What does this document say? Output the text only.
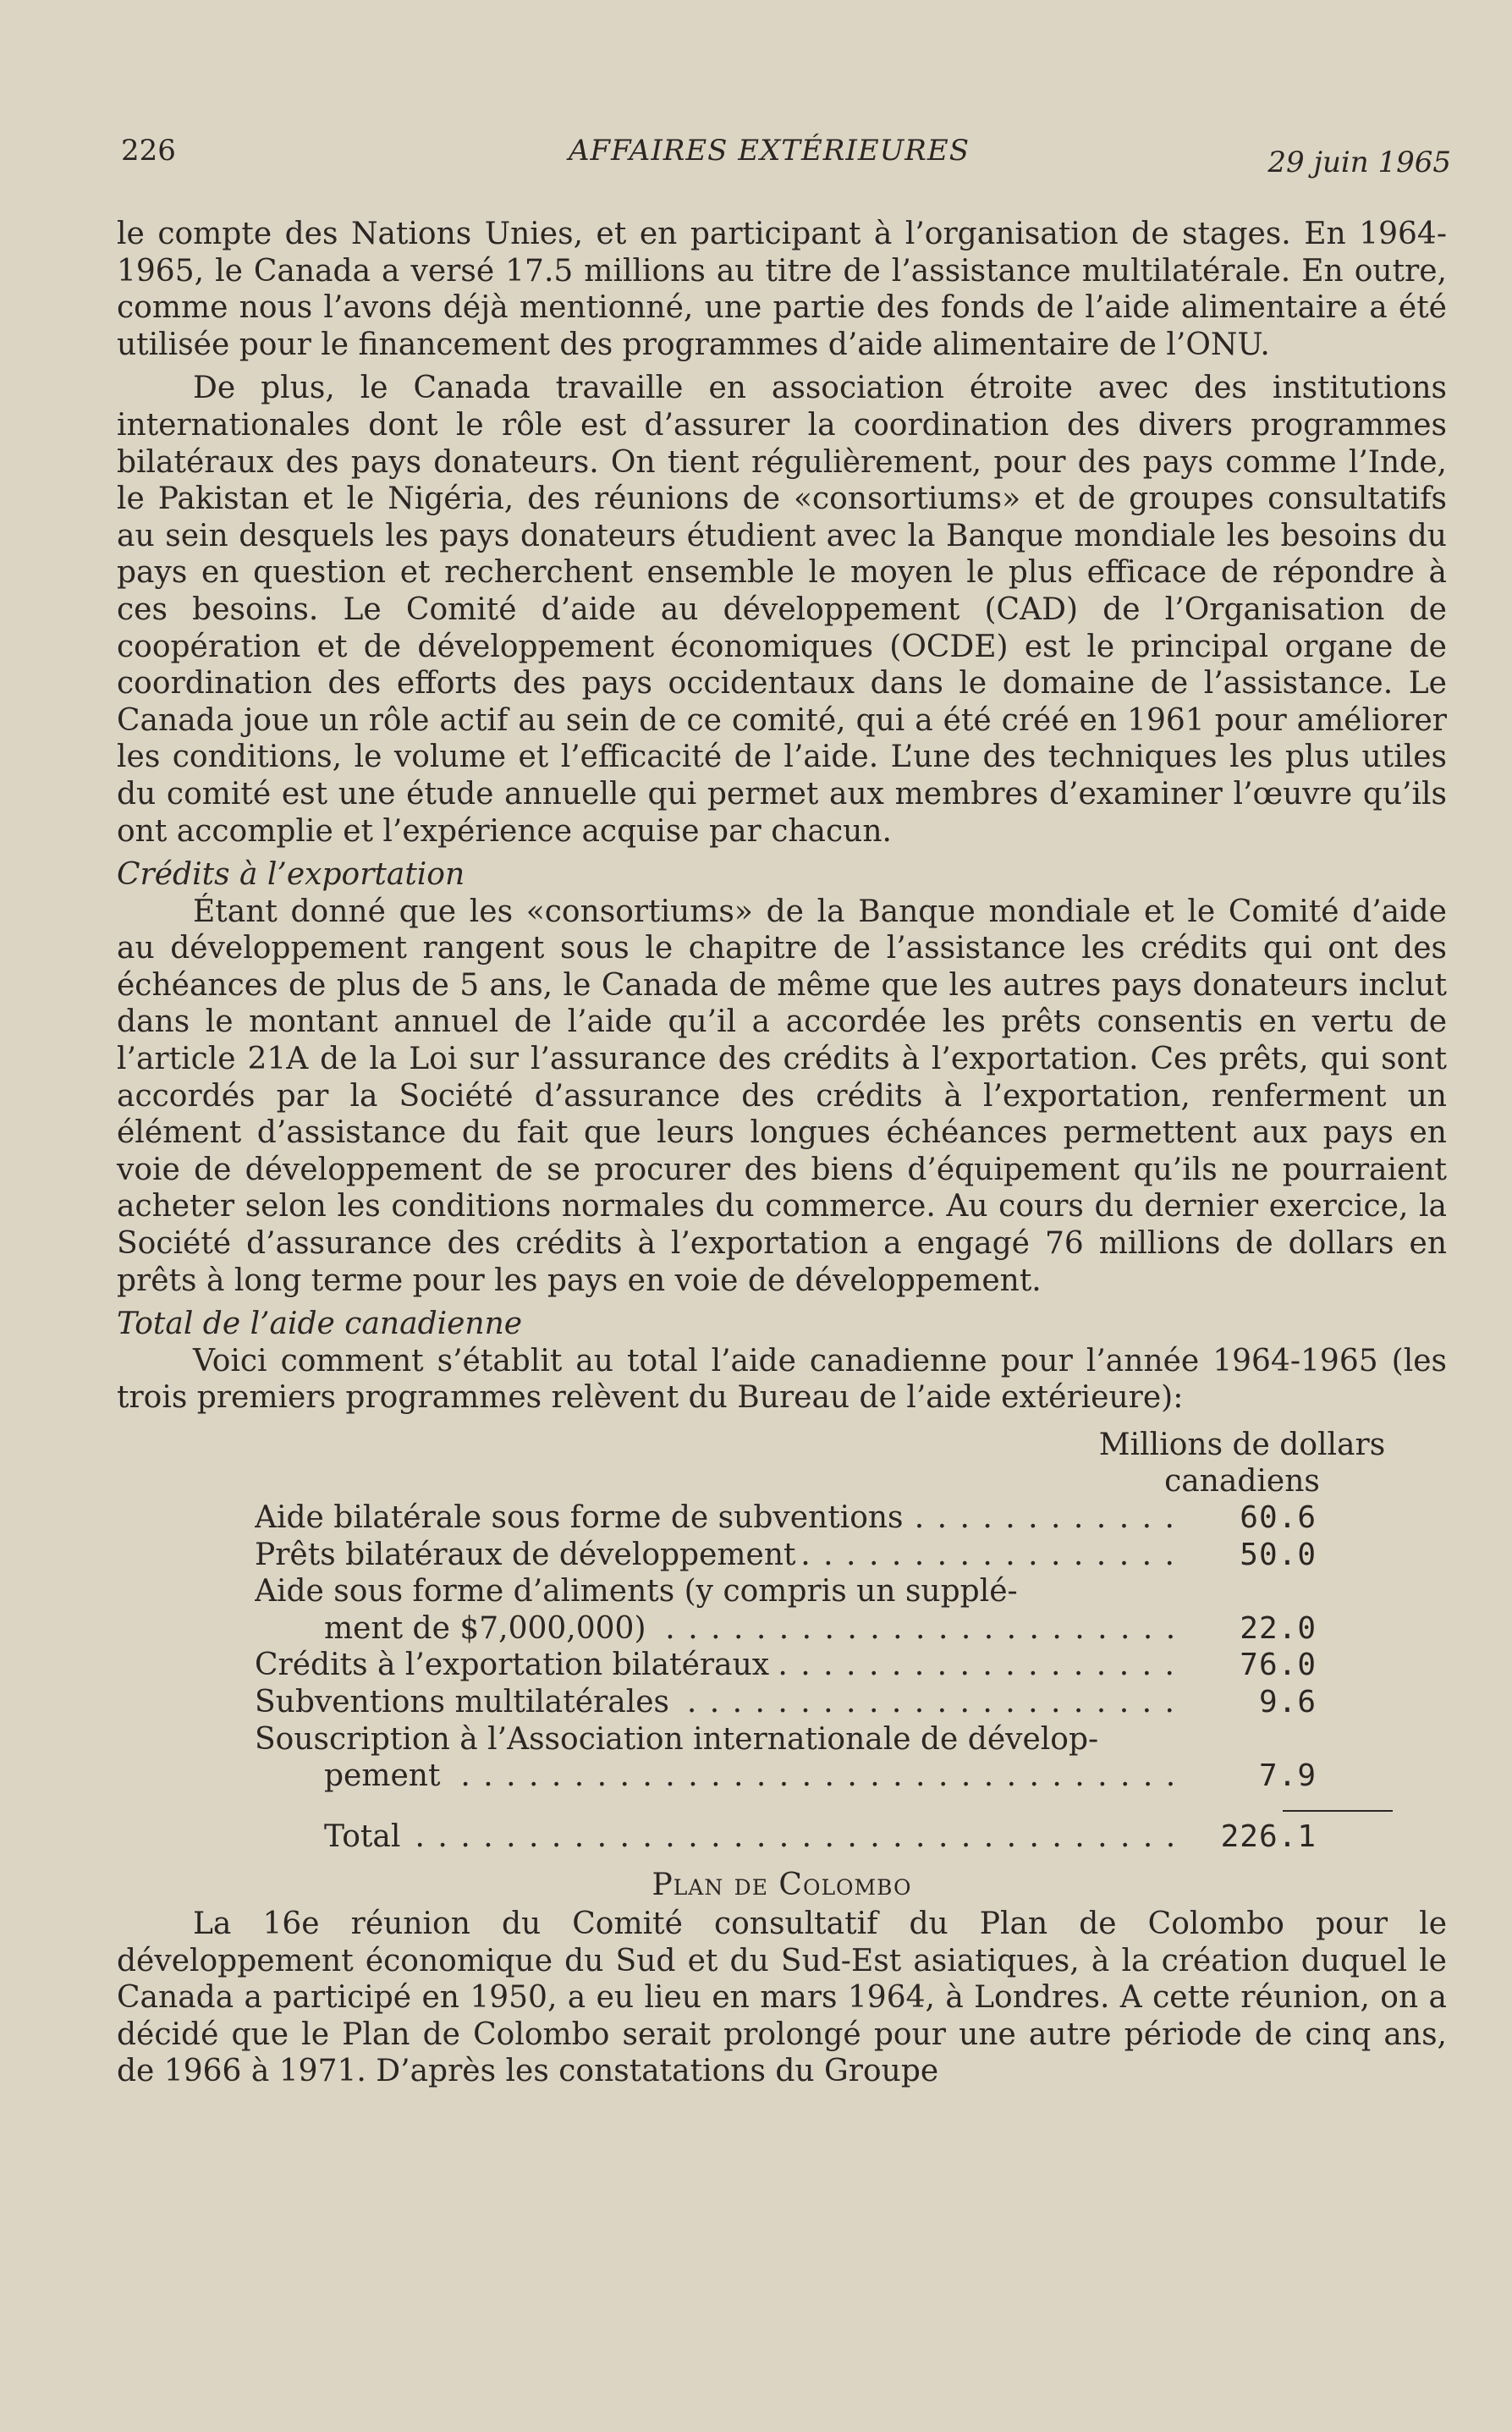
226	AFFAIRES EXTÉRIEURES	29 juin 1965

le compte des Nations Unies, et en participant à l’organisation de stages. En 1964-1965, le Canada a versé 17.5 millions au titre de l’assistance multilatérale. En outre, comme nous l’avons déjà mentionné, une partie des fonds de l’aide alimentaire a été utilisée pour le financement des programmes d’aide alimentaire de l’ONU.

De plus, le Canada travaille en association étroite avec des institutions internationales dont le rôle est d’assurer la coordination des divers programmes bilatéraux des pays donateurs. On tient régulièrement, pour des pays comme l’Inde, le Pakistan et le Nigéria, des réunions de «consortiums» et de groupes consultatifs au sein desquels les pays donateurs étudient avec la Banque mondiale les besoins du pays en question et recherchent ensemble le moyen le plus efficace de répondre à ces besoins. Le Comité d’aide au développement (CAD) de l’Organisation de coopération et de développement économiques (OCDE) est le principal organe de coordination des efforts des pays occidentaux dans le domaine de l’assistance. Le Canada joue un rôle actif au sein de ce comité, qui a été créé en 1961 pour améliorer les conditions, le volume et l’efficacité de l’aide. L’une des techniques les plus utiles du comité est une étude annuelle qui permet aux membres d’examiner l’œuvre qu’ils ont accomplie et l’expérience acquise par chacun.

Crédits à l’exportation

Étant donné que les «consortiums» de la Banque mondiale et le Comité d’aide au développement rangent sous le chapitre de l’assistance les crédits qui ont des échéances de plus de 5 ans, le Canada de même que les autres pays donateurs inclut dans le montant annuel de l’aide qu’il a accordée les prêts consentis en vertu de l’article 21A de la Loi sur l’assurance des crédits à l’exportation. Ces prêts, qui sont accordés par la Société d’assurance des crédits à l’exportation, renferment un élément d’assistance du fait que leurs longues échéances permettent aux pays en voie de développement de se procurer des biens d’équipement qu’ils ne pourraient acheter selon les conditions normales du commerce. Au cours du dernier exercice, la Société d’assurance des crédits à l’exportation a engagé 76 millions de dollars en prêts à long terme pour les pays en voie de développement.

Total de l’aide canadienne

Voici comment s’établit au total l’aide canadienne pour l’année 1964-1965 (les trois premiers programmes relèvent du Bureau de l’aide extérieure):

Millions de dollars
canadiens
Aide bilatérale sous forme de subventions . . .	60.6
Prêts bilatéraux de développement . . .	50.0
Aide sous forme d’aliments (y compris un supplé-
ment de $7,000,000) . . .	22.0
Crédits à l’exportation bilatéraux . . .	76.0
Subventions multilatérales . . .	9.6
Souscription à l’Association internationale de dévelop-
pement . . .	7.9
Total . . .	226.1
Plan de Colombo

La 16e réunion du Comité consultatif du Plan de Colombo pour le développement économique du Sud et du Sud-Est asiatiques, à la création duquel le Canada a participé en 1950, a eu lieu en mars 1964, à Londres. A cette réunion, on a décidé que le Plan de Colombo serait prolongé pour une autre période de cinq ans, de 1966 à 1971. D’après les constatations du Groupe
